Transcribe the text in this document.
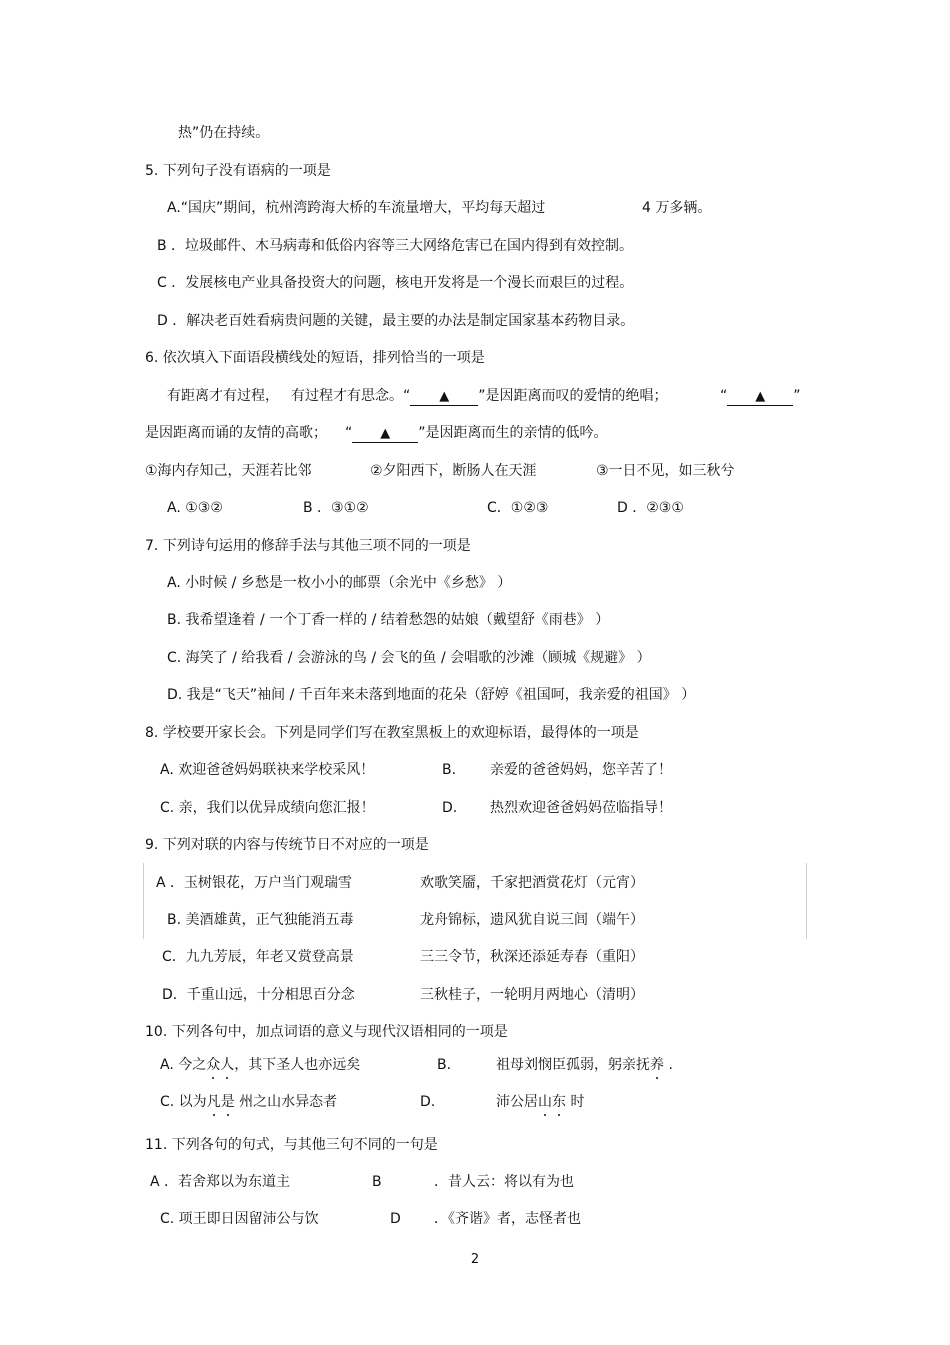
热”仍在持续。
5. 下列句子没有语病的一项是
A.“国庆”期间，杭州湾跨海大桥的车流量增大，平均每天超过	4 万多辆。
B ．垃圾邮件、木马病毒和低俗内容等三大网络危害已在国内得到有效控制。
C ．发展核电产业具备投资大的问题，核电开发将是一个漫长而艰巨的过程。
D ．解决老百姓看病贵问题的关键，最主要的办法是制定国家基本药物目录。
6. 依次填入下面语段横线处的短语，排列恰当的一项是
有距离才有过程， 有过程才有思念。“ ▲ ”是因距离而叹的爱情的绝唱；	“ ▲ ”
是因距离而诵的友情的高歌； “ ▲ ”是因距离而生的亲情的低吟。
①海内存知己，天涯若比邻	②夕阳西下，断肠人在天涯	③一日不见，如三秋兮
A. ①③②	B ．③①②	C．①②③	D ．②③①
7. 下列诗句运用的修辞手法与其他三项不同的一项是
A. 小时候 / 乡愁是一枚小小的邮票（余光中《乡愁》 ）
B. 我希望逢着 / 一个丁香一样的 / 结着愁怨的姑娘（戴望舒《雨巷》 ）
C. 海笑了 / 给我看 / 会游泳的鸟 / 会飞的鱼 / 会唱歌的沙滩（顾城《规避》 ）
D. 我是“飞天”袖间 / 千百年来未落到地面的花朵（舒婷《祖国呵，我亲爱的祖国》 ）
8. 学校要开家长会。下列是同学们写在教室黑板上的欢迎标语，最得体的一项是
A. 欢迎爸爸妈妈联袂来学校采风！	B. 亲爱的爸爸妈妈，您辛苦了！
C. 亲，我们以优异成绩向您汇报！	D. 热烈欢迎爸爸妈妈莅临指导！
9. 下列对联的内容与传统节日不对应的一项是
A ．玉树银花，万户当门观瑞雪	欢歌笑靥，千家把酒赏花灯（元宵）
B. 美酒雄黄，正气独能消五毒	龙舟锦标，遗风犹自说三闾（端午）
C．九九芳辰，年老又赏登高景	三三令节，秋深还添延寿春（重阳）
D．千重山远，十分相思百分念	三秋桂子，一轮明月两地心（清明）
10. 下列各句中，加点词语的意义与现代汉语相同的一项是
A. 今之众人，其下圣人也亦远矣	B.	祖母刘悯臣孤弱，躬亲抚养 .
C. 以为凡是 州之山水异态者	D.	沛公居山东 时
11. 下列各句的句式，与其他三句不同的一句是
A ．若舍郑以为东道主	B	．昔人云：将以有为也
C. 项王即日因留沛公与饮	D ．《齐谐》者，志怪者也
2
